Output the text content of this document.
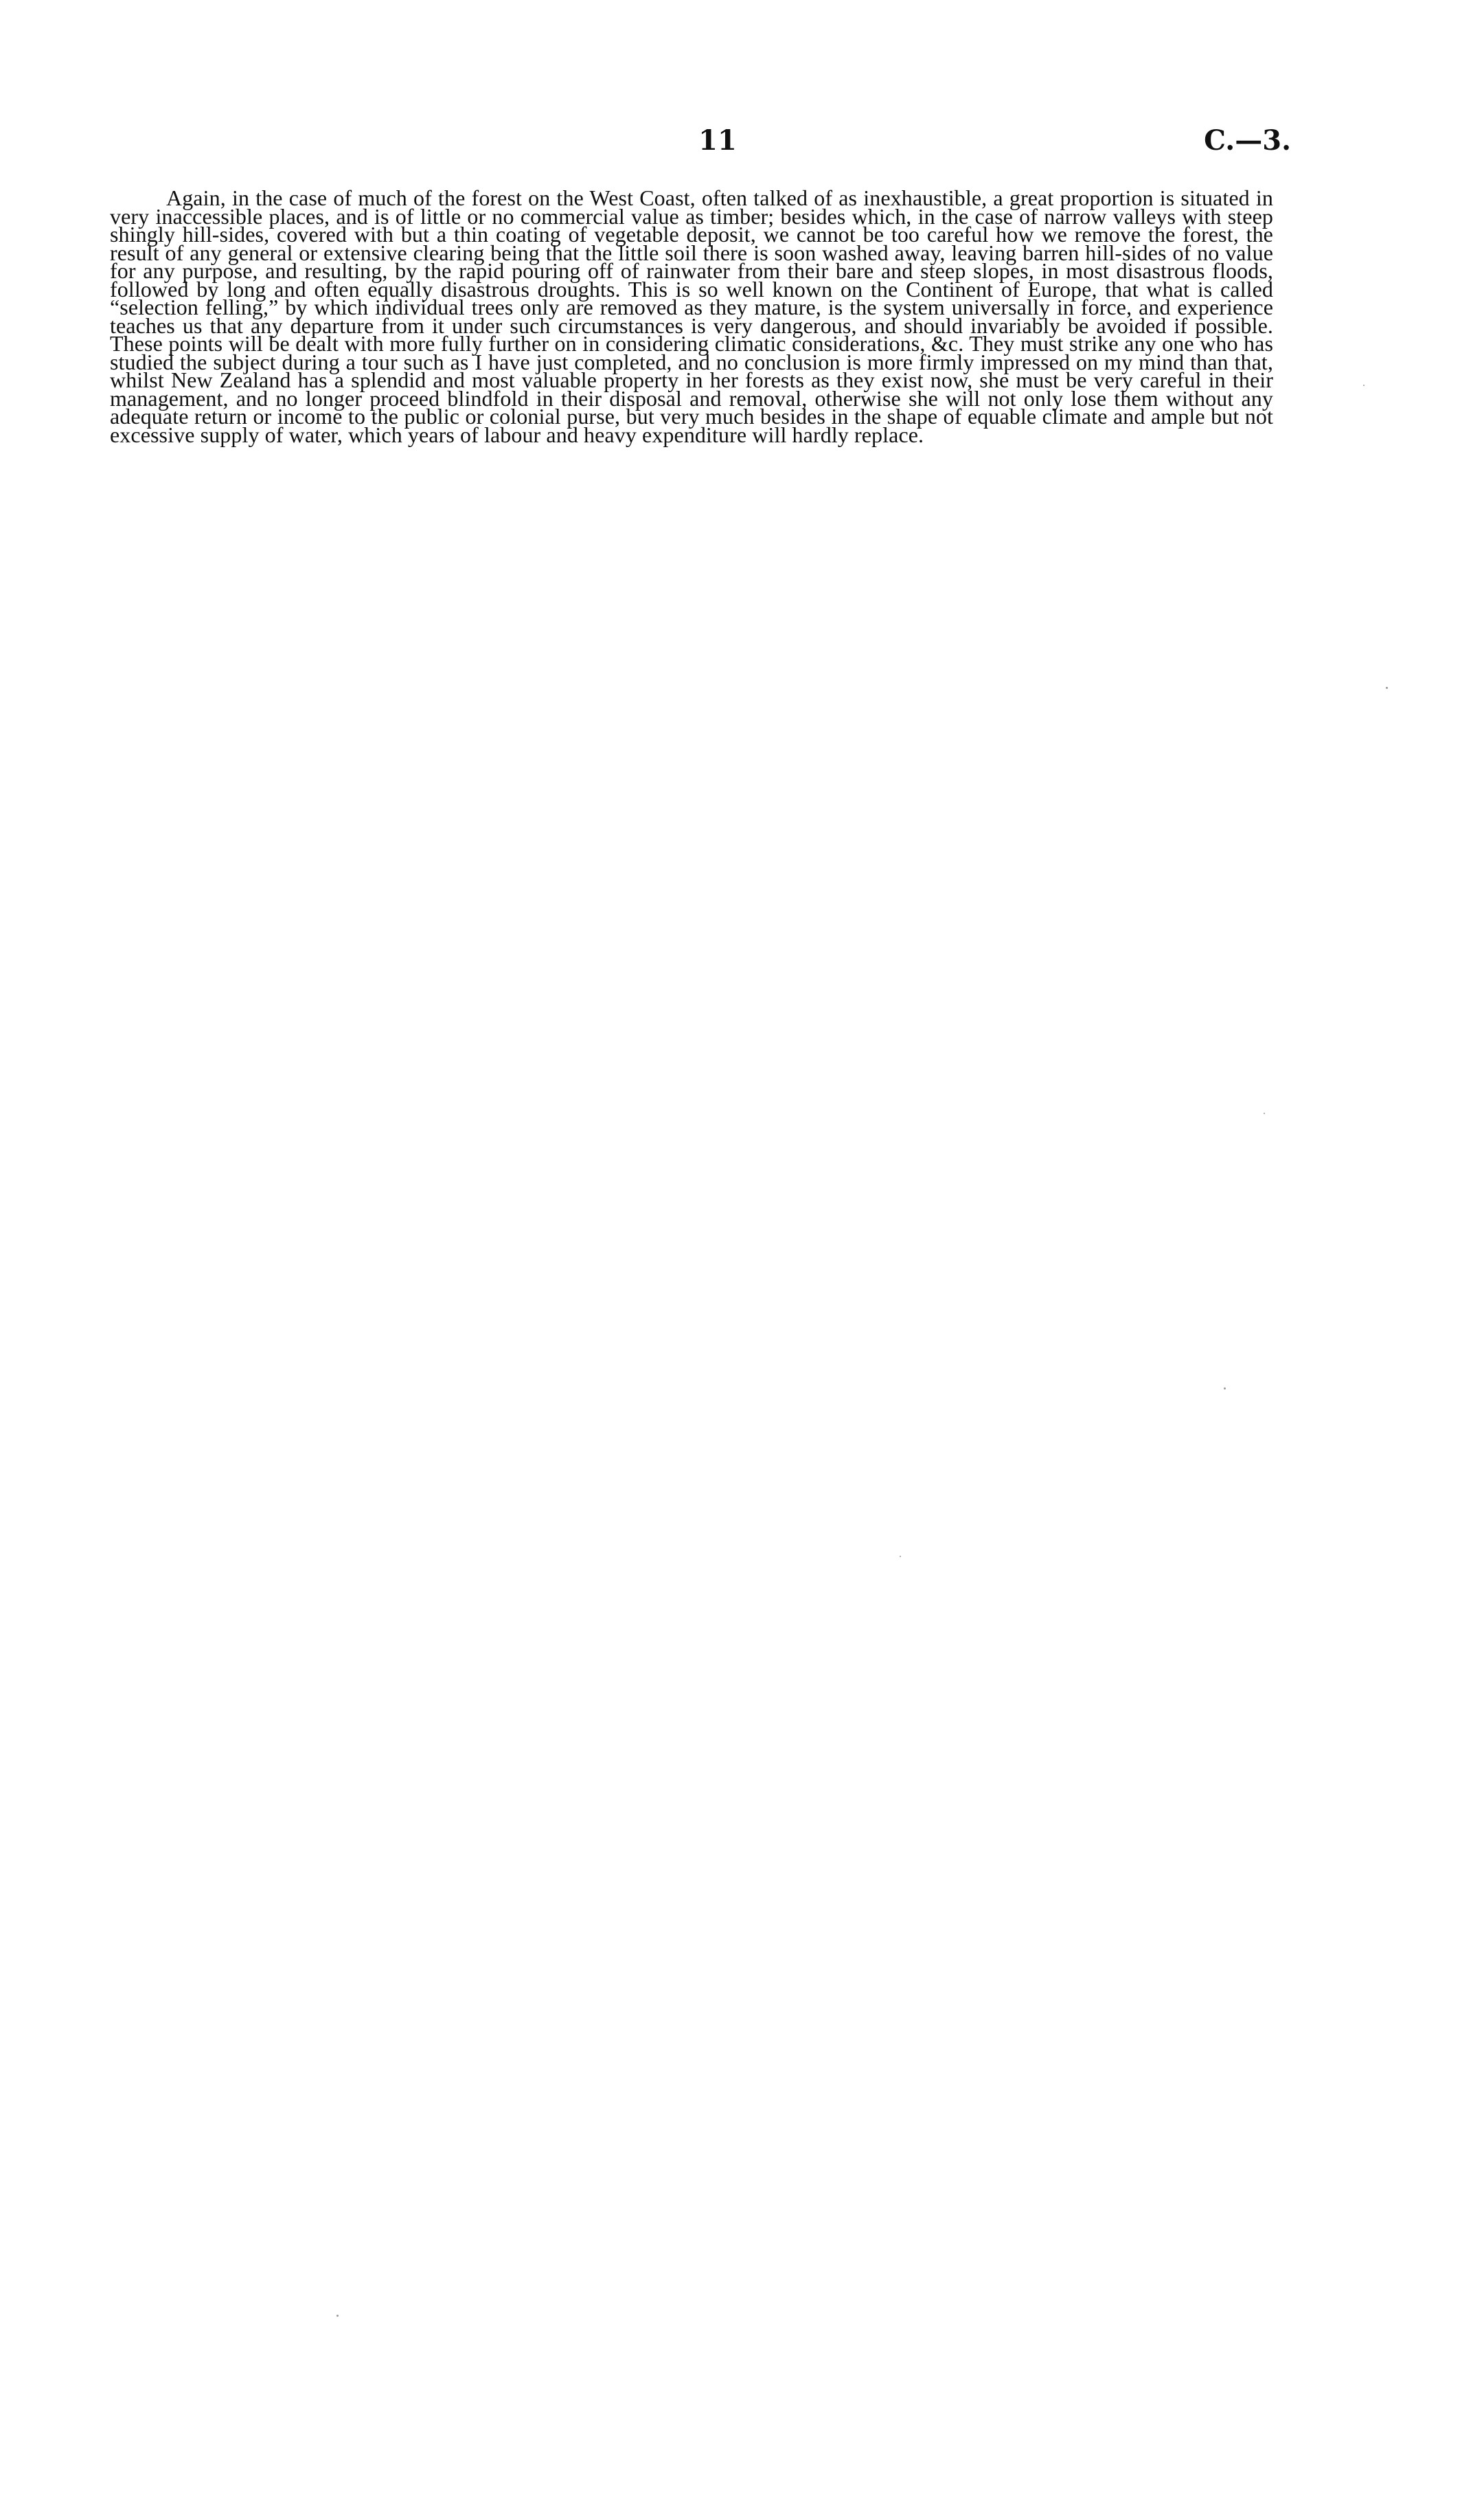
11	C.—3.

Again, in the case of much of the forest on the West Coast, often talked of as inexhaustible, a great proportion is situated in very inaccessible places, and is of little or no commercial value as timber; besides which, in the case of narrow valleys with steep shingly hill-sides, covered with but a thin coating of vegetable deposit, we cannot be too careful how we remove the forest, the result of any general or extensive clearing being that the little soil there is soon washed away, leaving barren hill-sides of no value for any purpose, and resulting, by the rapid pouring off of rainwater from their bare and steep slopes, in most disastrous floods, followed by long and often equally disastrous droughts. This is so well known on the Continent of Europe, that what is called “selection felling,” by which individual trees only are removed as they mature, is the system universally in force, and experience teaches us that any departure from it under such circumstances is very dangerous, and should invariably be avoided if possible. These points will be dealt with more fully further on in considering climatic considerations, &c. They must strike any one who has studied the subject during a tour such as I have just completed, and no conclusion is more firmly impressed on my mind than that, whilst New Zealand has a splendid and most valuable property in her forests as they exist now, she must be very careful in their management, and no longer proceed blindfold in their disposal and removal, otherwise she will not only lose them without any adequate return or income to the public or colonial purse, but very much besides in the shape of equable climate and ample but not excessive supply of water, which years of labour and heavy expenditure will hardly replace.
